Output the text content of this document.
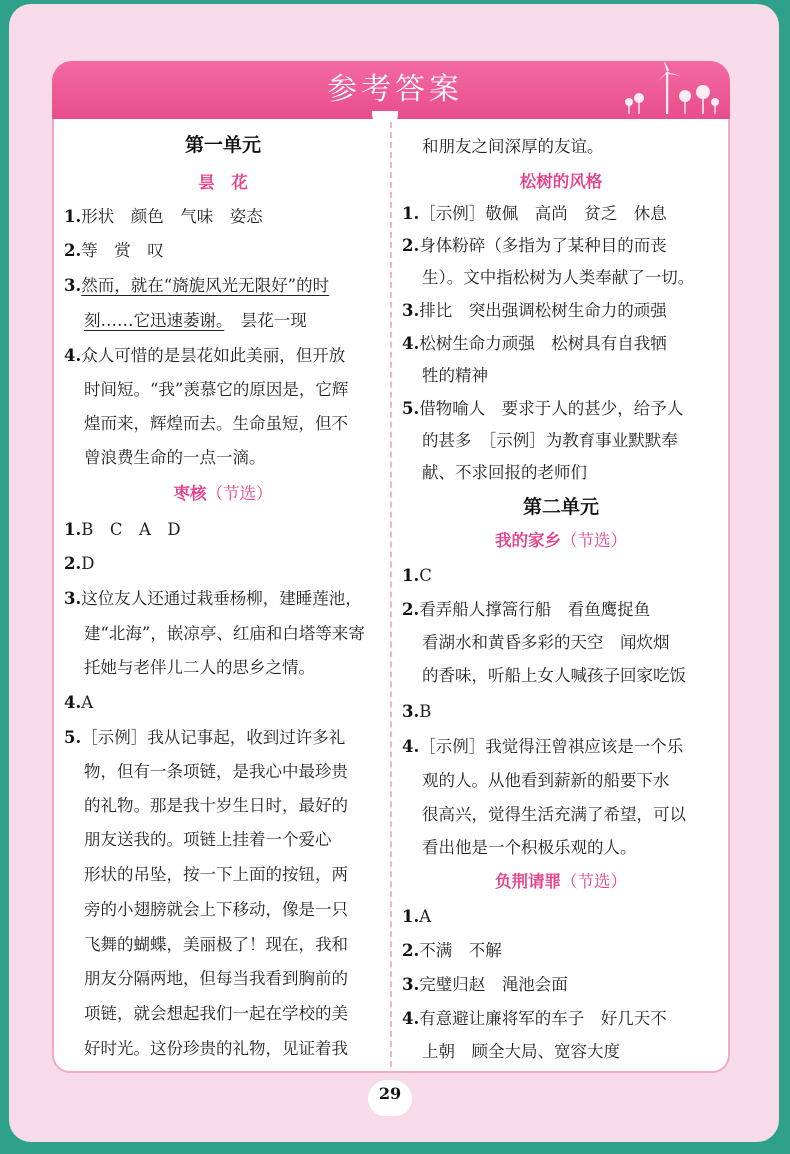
参考答案
第一单元
昙　花
1.形状　颜色　气味　姿态
2.等　赏　叹
3.然而，就在“旖旎风光无限好”的时
刻……它迅速萎谢。　昙花一现
4.众人可惜的是昙花如此美丽，但开放
时间短。“我”羡慕它的原因是，它辉
煌而来，辉煌而去。生命虽短，但不
曾浪费生命的一点一滴。
枣核（节选）
1.B　C　A　D
2.D
3.这位友人还通过栽垂杨柳，建睡莲池，
建“北海”，嵌凉亭、红庙和白塔等来寄
托她与老伴儿二人的思乡之情。
4.A
5.［示例］我从记事起，收到过许多礼
物，但有一条项链，是我心中最珍贵
的礼物。那是我十岁生日时，最好的
朋友送我的。项链上挂着一个爱心
形状的吊坠，按一下上面的按钮，两
旁的小翅膀就会上下移动，像是一只
飞舞的蝴蝶，美丽极了！现在，我和
朋友分隔两地，但每当我看到胸前的
项链，就会想起我们一起在学校的美
好时光。这份珍贵的礼物，见证着我
和朋友之间深厚的友谊。
松树的风格
1.［示例］敬佩　高尚　贫乏　休息
2.身体粉碎（多指为了某种目的而丧
生）。文中指松树为人类奉献了一切。
3.排比　突出强调松树生命力的顽强
4.松树生命力顽强　松树具有自我牺
牲的精神
5.借物喻人　要求于人的甚少，给予人
的甚多　［示例］为教育事业默默奉
献、不求回报的老师们
第二单元
我的家乡（节选）
1.C
2.看弄船人撑篙行船　看鱼鹰捉鱼
看湖水和黄昏多彩的天空　闻炊烟
的香味，听船上女人喊孩子回家吃饭
3.B
4.［示例］我觉得汪曾祺应该是一个乐
观的人。从他看到薪新的船要下水
很高兴，觉得生活充满了希望，可以
看出他是一个积极乐观的人。
负荆请罪（节选）
1.A
2.不满　不解
3.完璧归赵　渑池会面
4.有意避让廉将军的车子　好几天不
上朝　顾全大局、宽容大度
29
